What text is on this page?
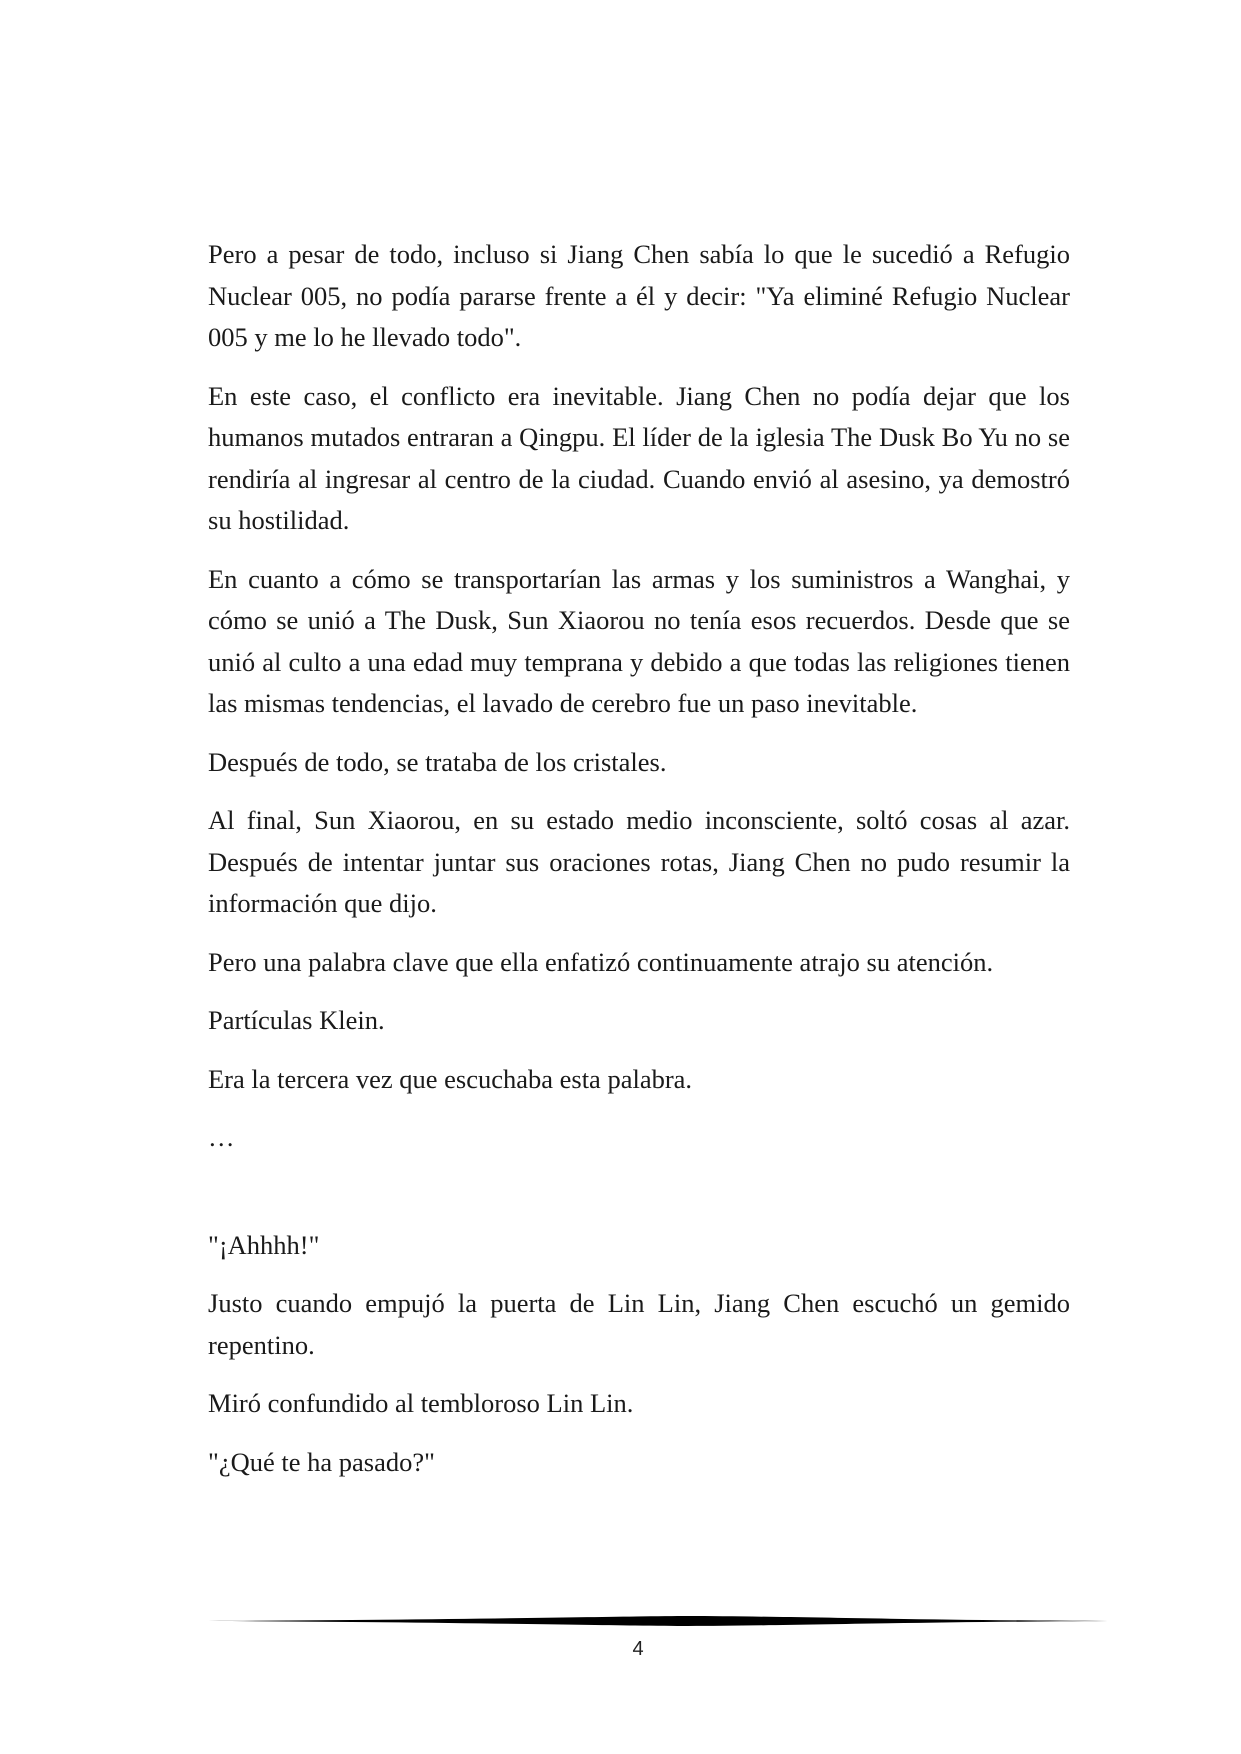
Pero a pesar de todo, incluso si Jiang Chen sabía lo que le sucedió a Refugio Nuclear 005, no podía pararse frente a él y decir: "Ya eliminé Refugio Nuclear 005 y me lo he llevado todo".

En este caso, el conflicto era inevitable. Jiang Chen no podía dejar que los humanos mutados entraran a Qingpu. El líder de la iglesia The Dusk Bo Yu no se rendiría al ingresar al centro de la ciudad. Cuando envió al asesino, ya demostró su hostilidad.

En cuanto a cómo se transportarían las armas y los suministros a Wanghai, y cómo se unió a The Dusk, Sun Xiaorou no tenía esos recuerdos. Desde que se unió al culto a una edad muy temprana y debido a que todas las religiones tienen las mismas tendencias, el lavado de cerebro fue un paso inevitable.

Después de todo, se trataba de los cristales.

Al final, Sun Xiaorou, en su estado medio inconsciente, soltó cosas al azar. Después de intentar juntar sus oraciones rotas, Jiang Chen no pudo resumir la información que dijo.

Pero una palabra clave que ella enfatizó continuamente atrajo su atención.

Partículas Klein.

Era la tercera vez que escuchaba esta palabra.

…

"¡Ahhhh!"

Justo cuando empujó la puerta de Lin Lin, Jiang Chen escuchó un gemido repentino.

Miró confundido al tembloroso Lin Lin.

"¿Qué te ha pasado?"

4
